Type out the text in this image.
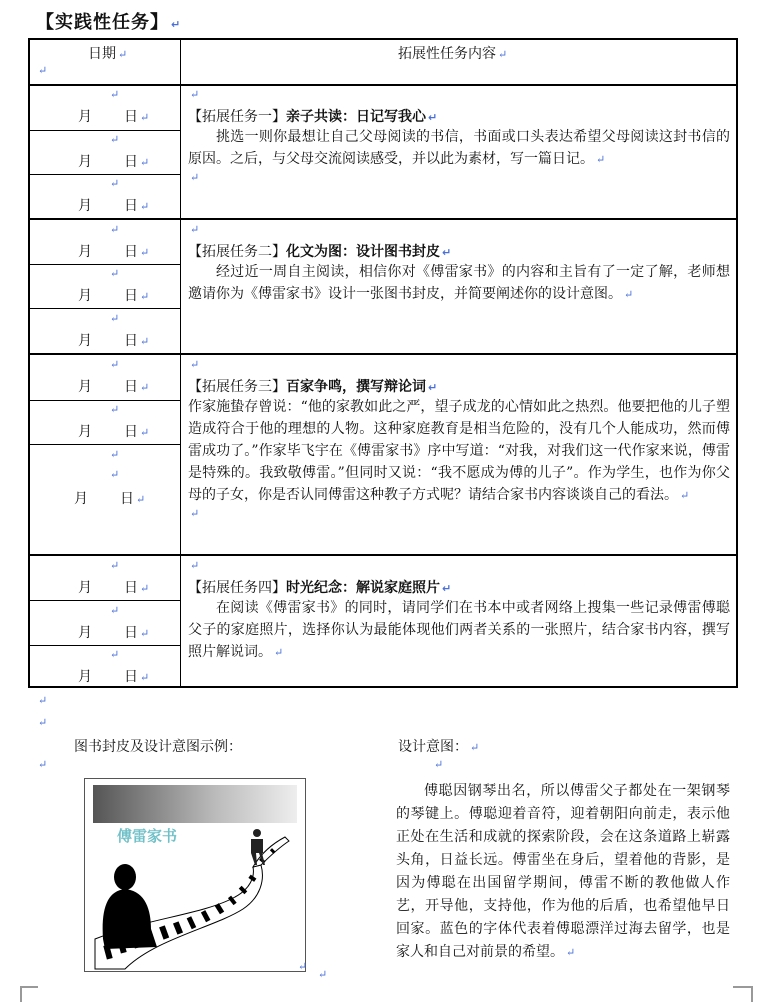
【实践性任务】 ↵
日期 ↵
↵
拓展性任务内容 ↵
↵
月 日 ↵
↵
月 日 ↵
↵
月 日 ↵
↵
月 日 ↵
↵
月 日 ↵
↵
月 日 ↵
↵
月 日 ↵
↵
月 日 ↵
↵
↵
月 日 ↵
↵
月 日 ↵
↵
月 日 ↵
↵
月 日 ↵
↵
【拓展任务一】亲子共读：日记写我心 ↵
挑选一则你最想让自己父母阅读的书信，书面或口头表达希望父母阅读这封书信的原因。之后，与父母交流阅读感受，并以此为素材，写一篇日记。 ↵
↵
↵
【拓展任务二】化文为图：设计图书封皮 ↵
经过近一周自主阅读，相信你对《傅雷家书》的内容和主旨有了一定了解，老师想邀请你为《傅雷家书》设计一张图书封皮，并简要阐述你的设计意图。 ↵
↵
【拓展任务三】百家争鸣，撰写辩论词 ↵
作家施蛰存曾说：“他的家教如此之严，望子成龙的心情如此之热烈。他要把他的儿子塑造成符合于他的理想的人物。这种家庭教育是相当危险的，没有几个人能成功，然而傅雷成功了。”作家毕飞宇在《傅雷家书》序中写道：“对我，对我们这一代作家来说，傅雷是特殊的。我致敬傅雷。”但同时又说：“我不愿成为傅的儿子”。作为学生，也作为你父母的子女，你是否认同傅雷这种教子方式呢？请结合家书内容谈谈自己的看法。 ↵
↵
↵
【拓展任务四】时光纪念：解说家庭照片 ↵
在阅读《傅雷家书》的同时，请同学们在书本中或者网络上搜集一些记录傅雷傅聪父子的家庭照片，选择你认为最能体现他们两者关系的一张照片，结合家书内容，撰写照片解说词。 ↵
↵
↵
图书封皮及设计意图示例：
↵
设计意图： ↵
↵
傅雷家书
↵
↵
傅聪因钢琴出名，所以傅雷父子都处在一架钢琴的琴键上。傅聪迎着音符，迎着朝阳向前走，表示他正处在生活和成就的探索阶段，会在这条道路上崭露头角，日益长远。傅雷坐在身后，望着他的背影，是因为傅聪在出国留学期间，傅雷不断的教他做人作艺，开导他，支持他，作为他的后盾，也希望他早日回家。蓝色的字体代表着傅聪漂洋过海去留学，也是家人和自己对前景的希望。 ↵
